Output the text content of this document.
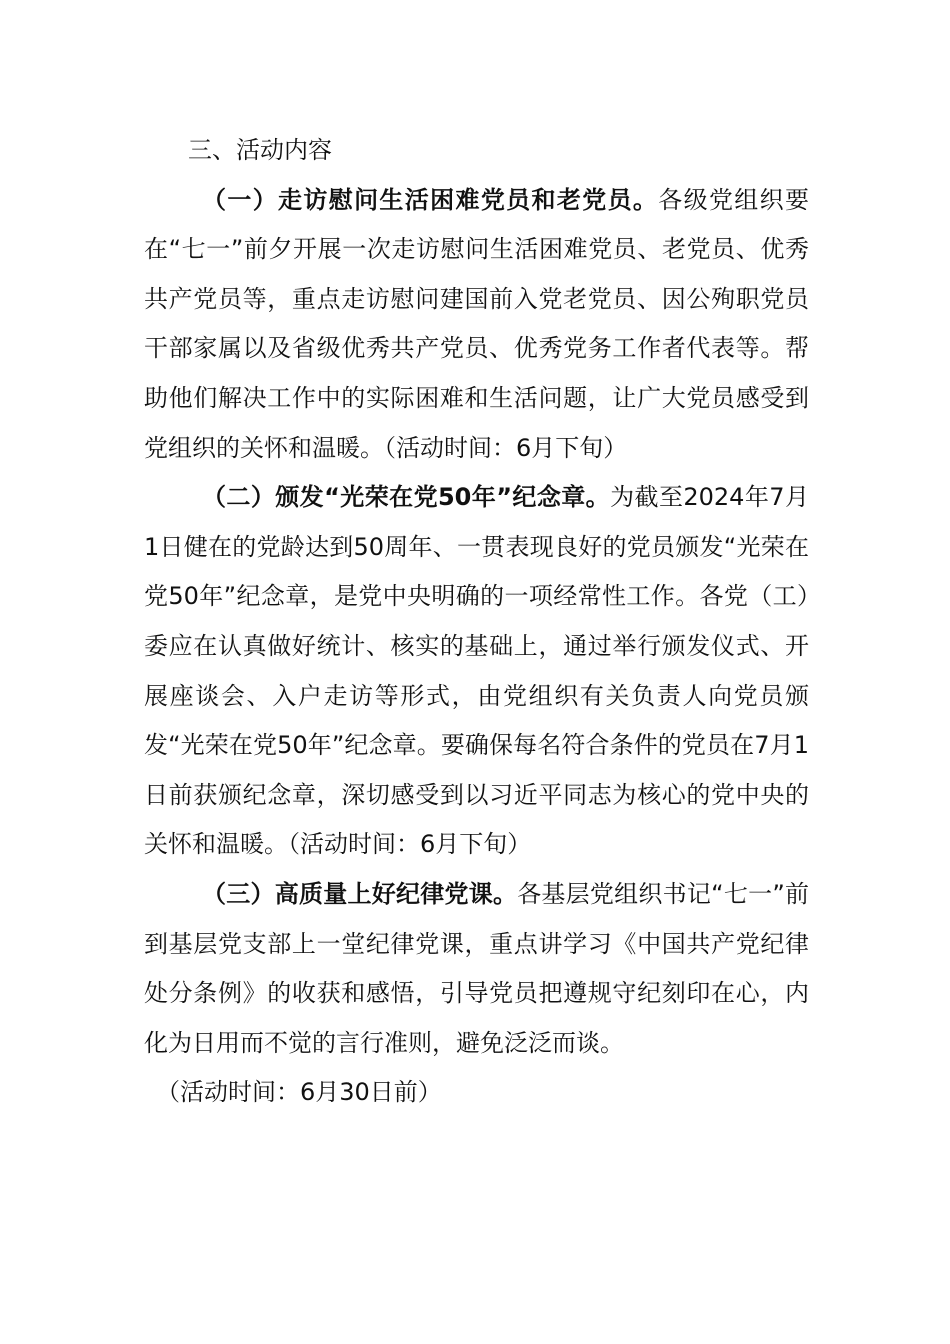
三、活动内容

（一）走访慰问生活困难党员和老党员。各级党组织要在“七一”前夕开展一次走访慰问生活困难党员、老党员、优秀共产党员等，重点走访慰问建国前入党老党员、因公殉职党员干部家属以及省级优秀共产党员、优秀党务工作者代表等。帮助他们解决工作中的实际困难和生活问题，让广大党员感受到党组织的关怀和温暖。（活动时间：6月下旬）

（二）颁发“光荣在党50年”纪念章。为截至2024年7月1日健在的党龄达到50周年、一贯表现良好的党员颁发“光荣在党50年”纪念章，是党中央明确的一项经常性工作。各党（工）委应在认真做好统计、核实的基础上，通过举行颁发仪式、开展座谈会、入户走访等形式，由党组织有关负责人向党员颁发“光荣在党50年”纪念章。要确保每名符合条件的党员在7月1日前获颁纪念章，深切感受到以习近平同志为核心的党中央的关怀和温暖。（活动时间：6月下旬）

（三）高质量上好纪律党课。各基层党组织书记“七一”前到基层党支部上一堂纪律党课，重点讲学习《中国共产党纪律处分条例》的收获和感悟，引导党员把遵规守纪刻印在心，内化为日用而不觉的言行准则，避免泛泛而谈。

（活动时间：6月30日前）
